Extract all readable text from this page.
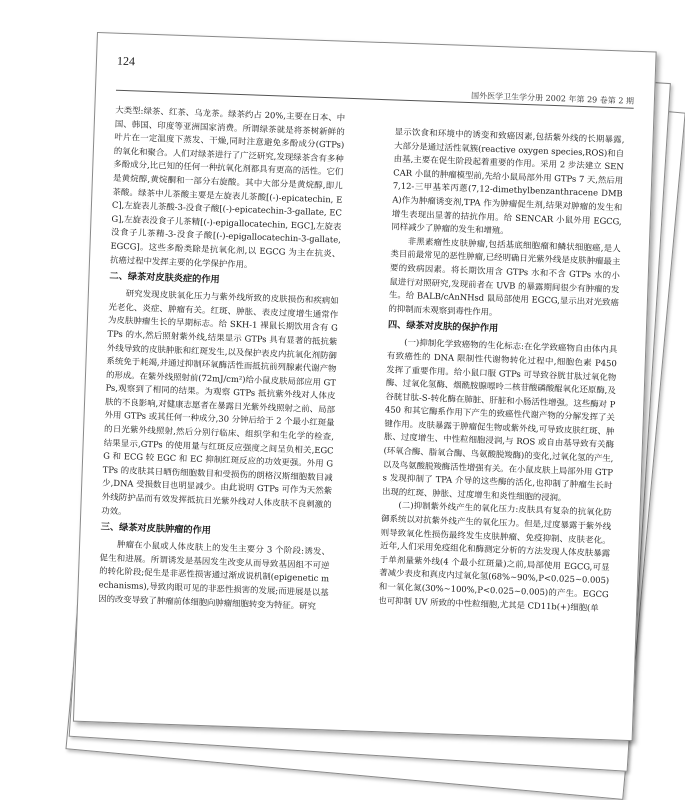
124
国外医学卫生学分册 2002 年第 29 卷第 2 期

大类型:绿茶、红茶、乌龙茶。绿茶约占 20%,主要在日本、中国、韩国、印度等亚洲国家消费。所谓绿茶就是将茶树新鲜的叶片在一定温度下蒸发、干燥,同时注意避免多酚成分(GTPs)的氧化和聚合。人们对绿茶进行了广泛研究,发现绿茶含有多种多酚成分,比已知的任何一种抗氧化剂都具有更高的活性。它们是黄烷醇,黄烷酮和一部分右旋酸。其中大部分是黄烷醇,即儿茶酸。绿茶中儿茶酸主要是左旋表儿茶酸[(-)-epicatechin, EC],左旋表儿茶酸-3-没食子酸[(-)-epicatechin-3-gallate, ECG],左旋表没食子儿茶精[(-)-epigallocatechin, EGC],左旋表没食子儿茶精-3-没食子酸[(-)-epigallocatechin-3-gallate, EGCG]。这些多酚类除是抗氧化剂,以 EGCG 为主在抗炎、抗癌过程中发挥主要的化学保护作用。

二、绿茶对皮肤炎症的作用

研究发现皮肤氧化压力与紫外线所致的皮肤损伤和疾病如光老化、炎症、肿瘤有关。红斑、肿胀、表皮过度增生通常作为皮肤肿瘤生长的早期标志。给 SKH-1 裸鼠长期饮用含有 GTPs 的水,然后照射紫外线,结果显示 GTPs 具有显著的抵抗紫外线导致的皮肤肿胀和红斑发生,以及保护表皮内抗氧化剂防御系统免于耗竭,并通过抑制环氧酶活性而抵抗前列腺素代谢产物的形成。在紫外线照射前(72mJ/cm²)给小鼠皮肤局部应用 GTPs,观察到了相同的结果。为观察 GTPs 抵抗紫外线对人体皮肤的不良影响,对健康志愿者在暴露日光紫外线照射之前、局部外用 GTPs 或其任何一种成分,30 分钟后给于 2 个最小红斑量的日光紫外线照射,然后分别行临床、组织学和生化学的检查,结果显示,GTPs 的使用量与红斑反应强度之间呈负相关,EGCG 和 ECG 较 EGC 和 EC 抑制红斑反应的功效更强。外用 GTPs 的皮肤其日晒伤细胞数目和受损伤的朗格汉斯细胞数目减少,DNA 受损数目也明显减少。由此说明 GTPs 可作为天然紫外线防护品而有效发挥抵抗日光紫外线对人体皮肤不良刺激的功效。

三、绿茶对皮肤肿瘤的作用

肿瘤在小鼠或人体皮肤上的发生主要分 3 个阶段:诱发、促生和进展。所谓诱发是基因发生改变从而导致基因组不可逆的转化阶段;促生是非恶性损害通过渐成说机制(epigenetic mechanisms),导致肉眼可见的非恶性损害的发展;而进展是以基因的改变导致了肿瘤前体细胞向肿瘤细胞转变为特征。研究

显示饮食和环境中的诱变和致癌因素,包括紫外线的长期暴露,大部分是通过活性氧簇(reactive oxygen species,ROS)和自由基,主要在促生阶段起着重要的作用。采用 2 步法建立 SENCAR 小鼠的肿瘤模型前,先给小鼠局部外用 GTPs 7 天,然后用 7,12-三甲基苯丙蒽(7,12-dimethylbenzanthracene DMBA)作为肿瘤诱变剂,TPA 作为肿瘤促生剂,结果对肿瘤的发生和增生表现出显著的拮抗作用。给 SENCAR 小鼠外用 EGCG,同样减少了肿瘤的发生和增殖。

非黑素瘤性皮肤肿瘤,包括基底细胞瘤和鳞状细胞癌,是人类目前最常见的恶性肿瘤,已经明确日光紫外线是皮肤肿瘤最主要的致病因素。将长期饮用含 GTPs 水和不含 GTPs 水的小鼠进行对照研究,发现前者在 UVB 的暴露期间很少有肿瘤的发生。给 BALB/cAnNHsd 鼠局部使用 EGCG,显示出对光致癌的抑制而未观察到毒性作用。

四、绿茶对皮肤的保护作用

(一)抑制化学致癌物的生化标志:在化学致癌物自由体内具有致癌性的 DNA 限制性代谢物转化过程中,细胞色素 P450 发挥了重要作用。给小鼠口服 GTPs 可导致谷胱甘肽过氧化物酶、过氧化氢酶、烟酰胺腺嘌呤二核苷酸磷酸醌氧化还原酶,及谷胱甘肽-S-转化酶在肺脏、肝脏和小肠活性增强。这些酶对 P450 和其它酶系作用下产生的致癌性代谢产物的分解发挥了关键作用。皮肤暴露于肿瘤促生物或紫外线,可导致皮肤红斑、肿胀、过度增生、中性粒细胞浸润,与 ROS 或自由基导致有关酶(环氧合酶、脂氧合酶、鸟氨酸脱羧酶)的变化,过氧化氢的产生,以及鸟氨酸脱羧酶活性增强有关。在小鼠皮肤上局部外用 GTPs 发现抑制了 TPA 介导的这些酶的活化,也抑制了肿瘤生长时出现的红斑、肿胀、过度增生和炎性细胞的浸润。

(二)抑制紫外线产生的氧化压力:皮肤具有复杂的抗氧化防御系统以对抗紫外线产生的氧化压力。但是,过度暴露于紫外线则导致氧化性损伤最终发生皮肤肿瘤、免疫抑制、皮肤老化。近年,人们采用免疫组化和酶测定分析的方法发现人体皮肤暴露于单剂量紫外线(4 个最小红斑量)之前,局部使用 EGCG,可显著减少表皮和真皮内过氧化氢(68%~90%,P<0.025~0.005)和一氧化氮(30%~100%,P<0.025~0.005)的产生。EGCG 也可抑制 UV 所致的中性粒细胞,尤其是 CD11b(+)细胞(单
